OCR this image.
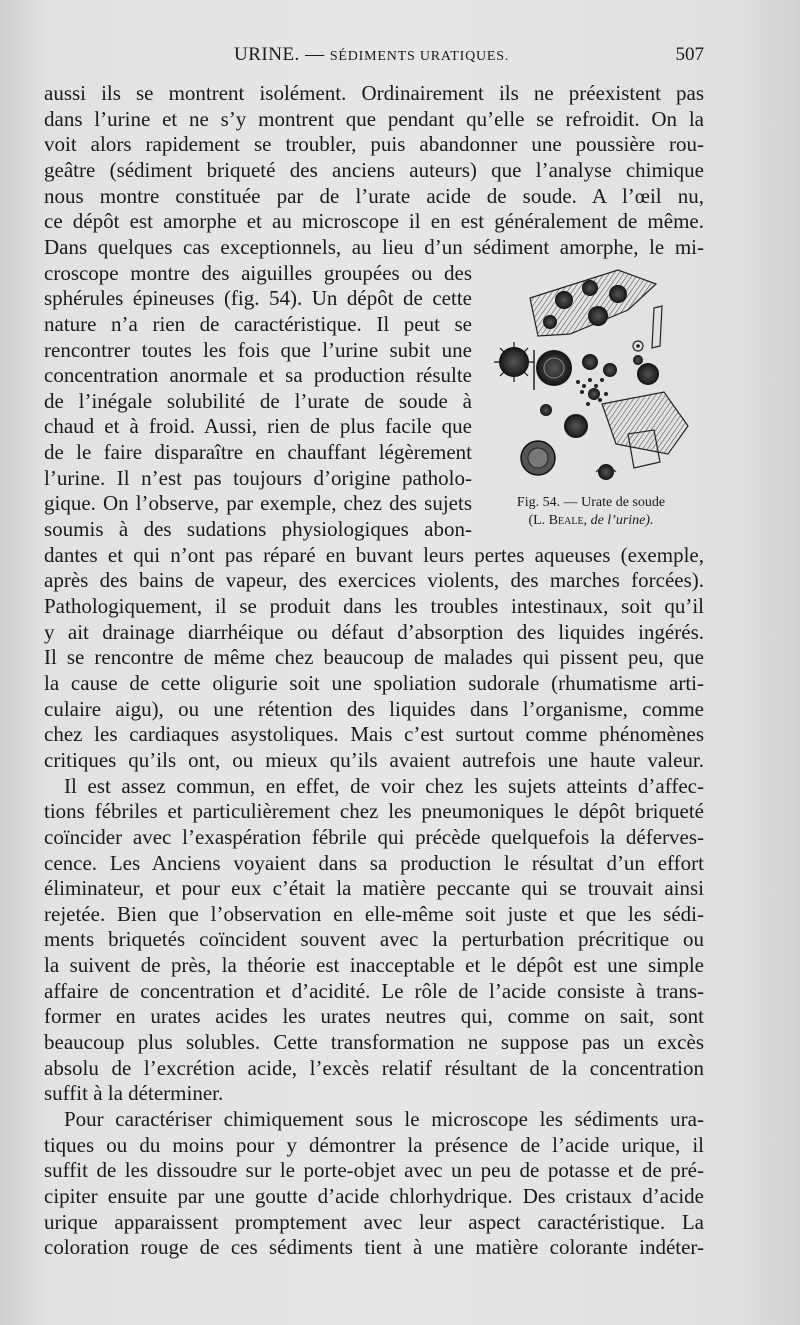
URINE. — SÉDIMENTS URATIQUES.	507
aussi ils se montrent isolément. Ordinairement ils ne préexistent pas
dans l’urine et ne s’y montrent que pendant qu’elle se refroidit. On la
voit alors rapidement se troubler, puis abandonner une poussière rou-
geâtre (sédiment briqueté des anciens auteurs) que l’analyse chimique
nous montre constituée par de l’urate acide de soude. A l’œil nu,
ce dépôt est amorphe et au microscope il en est généralement de même.
Dans quelques cas exceptionnels, au lieu d’un sédiment amorphe, le mi-
croscope montre des aiguilles groupées ou des
sphérules épineuses (fig. 54). Un dépôt de cette
nature n’a rien de caractéristique. Il peut se
rencontrer toutes les fois que l’urine subit une
concentration anormale et sa production résulte
de l’inégale solubilité de l’urate de soude à
chaud et à froid. Aussi, rien de plus facile que
de le faire disparaître en chauffant légèrement
l’urine. Il n’est pas toujours d’origine patholo-
gique. On l’observe, par exemple, chez des sujets
soumis à des sudations physiologiques abon-
dantes et qui n’ont pas réparé en buvant leurs pertes aqueuses (exemple,
après des bains de vapeur, des exercices violents, des marches forcées).
Pathologiquement, il se produit dans les troubles intestinaux, soit qu’il
y ait drainage diarrhéique ou défaut d’absorption des liquides ingérés.
Il se rencontre de même chez beaucoup de malades qui pissent peu, que
la cause de cette oligurie soit une spoliation sudorale (rhumatisme arti-
culaire aigu), ou une rétention des liquides dans l’organisme, comme
chez les cardiaques asystoliques. Mais c’est surtout comme phénomènes
critiques qu’ils ont, ou mieux qu’ils avaient autrefois une haute valeur.
Il est assez commun, en effet, de voir chez les sujets atteints d’affec-
tions fébriles et particulièrement chez les pneumoniques le dépôt briqueté
coïncider avec l’exaspération fébrile qui précède quelquefois la déferves-
cence. Les Anciens voyaient dans sa production le résultat d’un effort
éliminateur, et pour eux c’était la matière peccante qui se trouvait ainsi
rejetée. Bien que l’observation en elle-même soit juste et que les sédi-
ments briquetés coïncident souvent avec la perturbation précritique ou
la suivent de près, la théorie est inacceptable et le dépôt est une simple
affaire de concentration et d’acidité. Le rôle de l’acide consiste à trans-
former en urates acides les urates neutres qui, comme on sait, sont
beaucoup plus solubles. Cette transformation ne suppose pas un excès
absolu de l’excrétion acide, l’excès relatif résultant de la concentration
suffit à la déterminer.
Pour caractériser chimiquement sous le microscope les sédiments ura-
tiques ou du moins pour y démontrer la présence de l’acide urique, il
suffit de les dissoudre sur le porte-objet avec un peu de potasse et de pré-
cipiter ensuite par une goutte d’acide chlorhydrique. Des cristaux d’acide
urique apparaissent promptement avec leur aspect caractéristique. La
coloration rouge de ces sédiments tient à une matière colorante indéter-
Fig. 54. — Urate de soude
(L. Beale, de l’urine).
